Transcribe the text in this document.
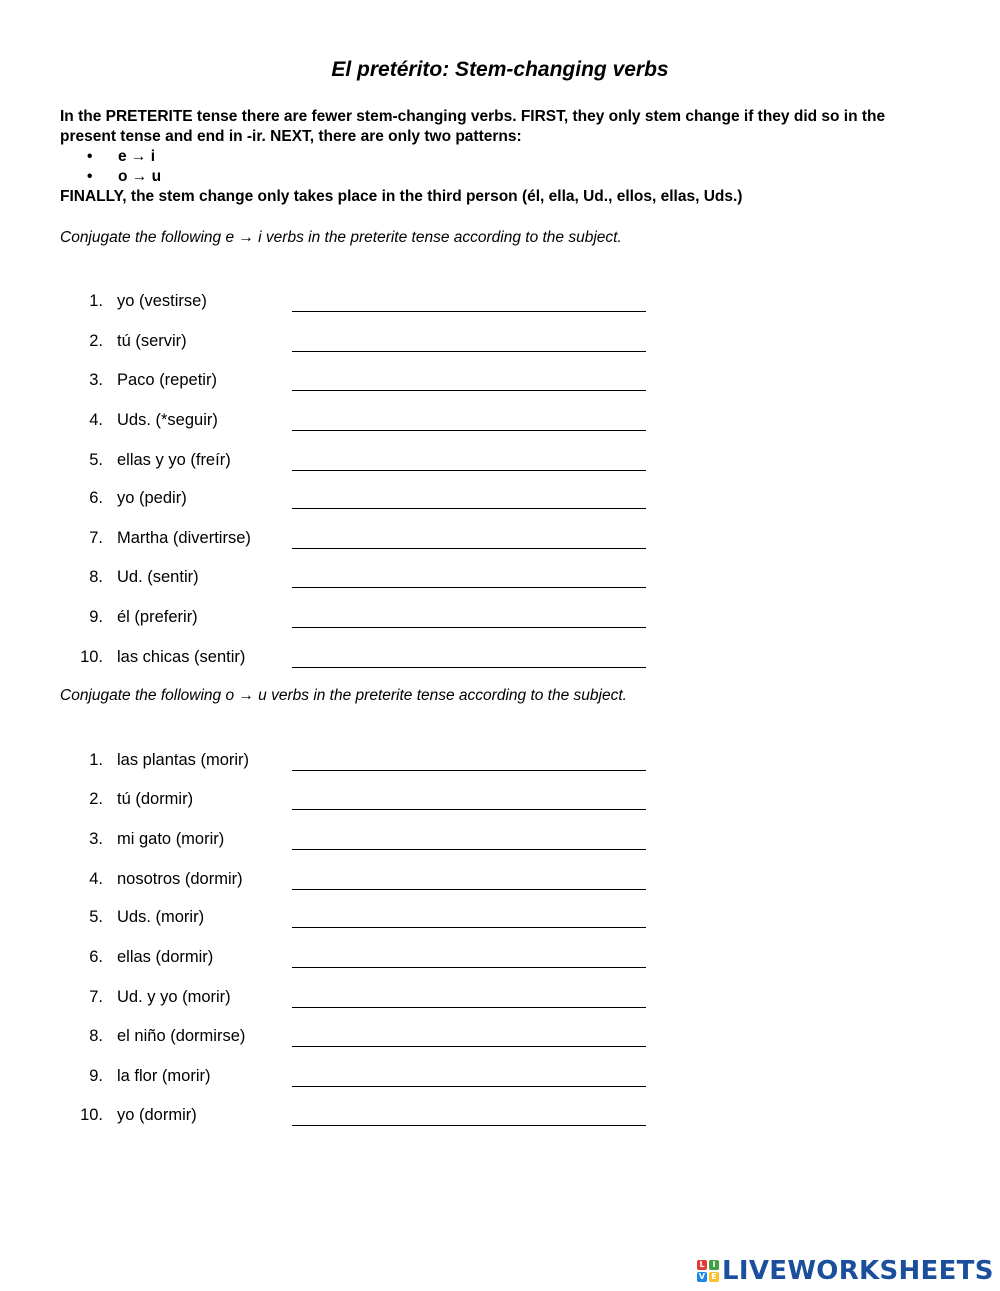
El pretérito: Stem-changing verbs

In the PRETERITE tense there are fewer stem-changing verbs. FIRST, they only stem change if they did so in the present tense and end in -ir. NEXT, there are only two patterns:

• e → i
• o → u

FINALLY, the stem change only takes place in the third person (él, ella, Ud., ellos, ellas, Uds.)

Conjugate the following e → i verbs in the preterite tense according to the subject.
1. yo (vestirse)
2. tú (servir)
3. Paco (repetir)
4. Uds. (*seguir)
5. ellas y yo (freír)
6. yo (pedir)
7. Martha (divertirse)
8. Ud. (sentir)
9. él (preferir)
10. las chicas (sentir)
Conjugate the following o → u verbs in the preterite tense according to the subject.
1. las plantas (morir)
2. tú (dormir)
3. mi gato (morir)
4. nosotros (dormir)
5. Uds. (morir)
6. ellas (dormir)
7. Ud. y yo (morir)
8. el niño (dormirse)
9. la flor (morir)
10. yo (dormir)
L I
V E LIVEWORKSHEETS
